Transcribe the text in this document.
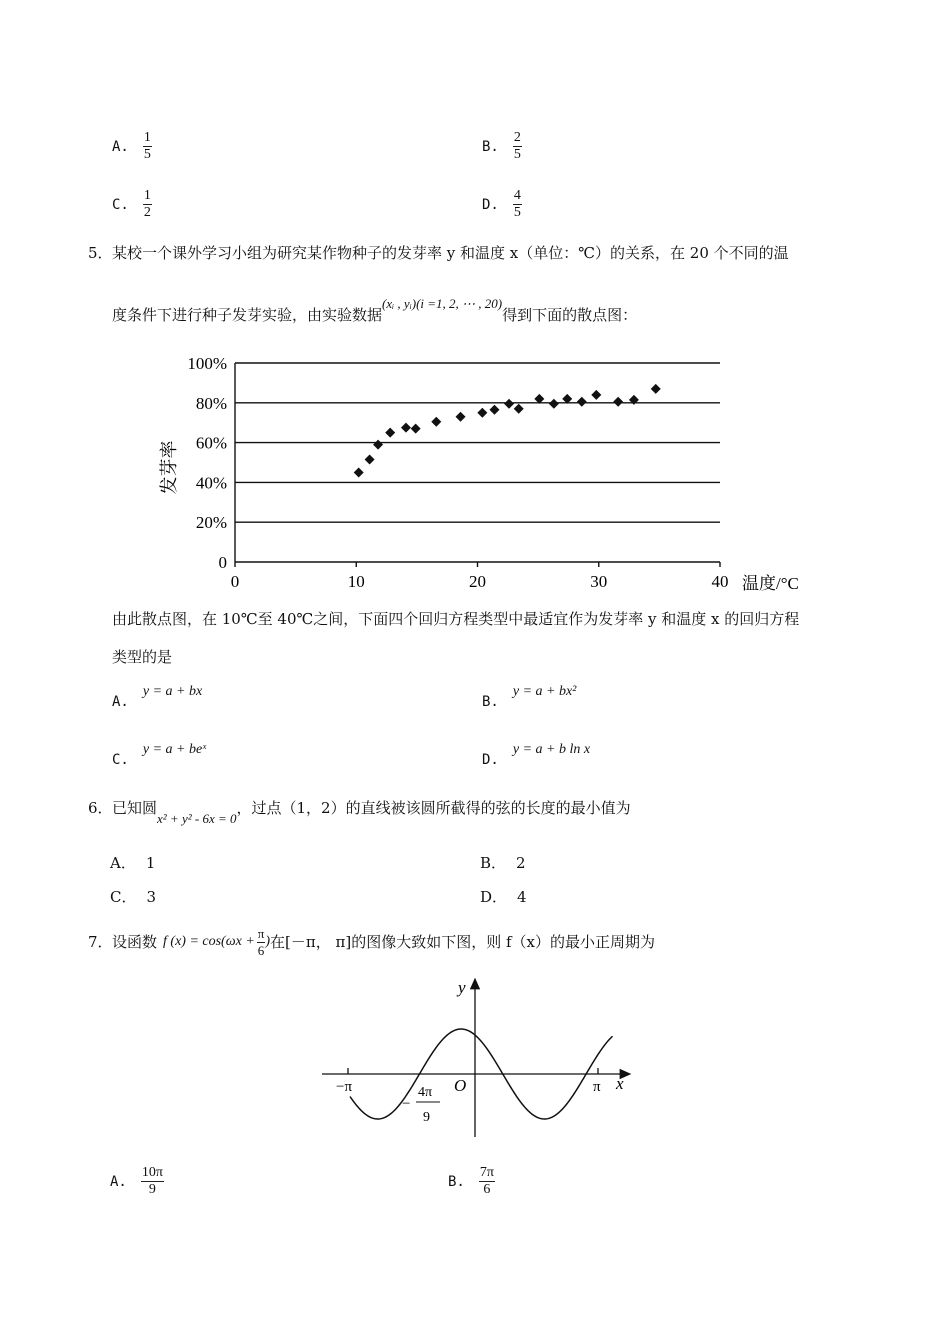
A. $\frac{1}{5}$	B. $\frac{2}{5}$
C. $\frac{1}{2}$	D. $\frac{4}{5}$
5． 某校一个课外学习小组为研究某作物种子的发芽率 y 和温度 x（单位：℃）的关系，在 20 个不同的温
度条件下进行种子发芽实验，由实验数据(xᵢ , yᵢ)(i =1, 2, ⋯ , 20)得到下面的散点图：
0	10	20	30	40
0
20%
40%
60%
80%
100%
温度/°C
发芽率
由此散点图，在 10℃至 40℃之间，下面四个回归方程类型中最适宜作为发芽率 y 和温度 x 的回归方程
类型的是
A.
y = a + bx
B.
y = a + bx²
C.
y = a + beˣ
D.
y = a + b ln x
6． 已知圆x² + y² - 6x = 0，过点（1，2）的直线被该圆所截得的弦的长度的最小值为
A． 1	B． 2
C． 3	D． 4
7． 设函数 f $(x) = \cos(\omega x + \frac{\pi}{6}$ ) 在[－π， π]的图像大致如下图，则 f（x）的最小正周期为
y
x
O
−π	π
−
4π
9
A. $\frac{10\pi}{9}$	B. $\frac{7\pi}{6}$
